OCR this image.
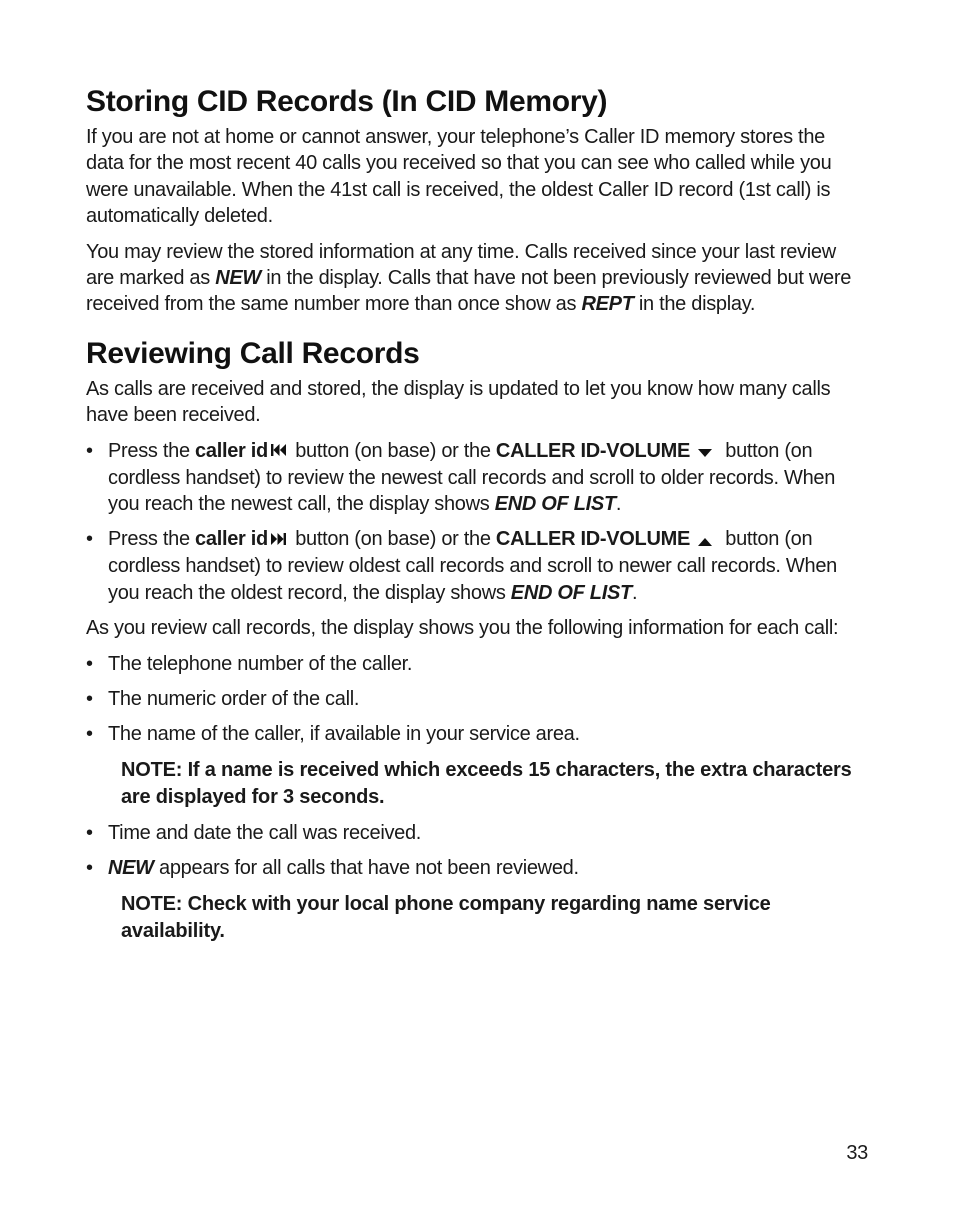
Storing CID Records (In CID Memory)

If you are not at home or cannot answer, your telephone’s Caller ID memory stores the data for the most recent 40 calls you received so that you can see who called while you were unavailable. When the 41st call is received, the oldest Caller ID record (1st call) is automatically deleted.

You may review the stored information at any time. Calls received since your last review are marked as NEW in the display. Calls that have not been previously reviewed but were received from the same number more than once show as REPT in the display.

Reviewing Call Records

As calls are received and stored, the display is updated to let you know how many calls have been received.

• Press the caller id button (on base) or the CALLER ID-VOLUME button (on cordless handset) to review the newest call records and scroll to older records. When you reach the newest call, the display shows END OF LIST.
• Press the caller id button (on base) or the CALLER ID-VOLUME button (on cordless handset) to review oldest call records and scroll to newer call records. When you reach the oldest record, the display shows END OF LIST.

As you review call records, the display shows you the following information for each call:

• The telephone number of the caller.
• The numeric order of the call.
• The name of the caller, if available in your service area.
NOTE: If a name is received which exceeds 15 characters, the extra characters are displayed for 3 seconds.
• Time and date the call was received.
• NEW appears for all calls that have not been reviewed.
NOTE: Check with your local phone company regarding name service availability.
33
